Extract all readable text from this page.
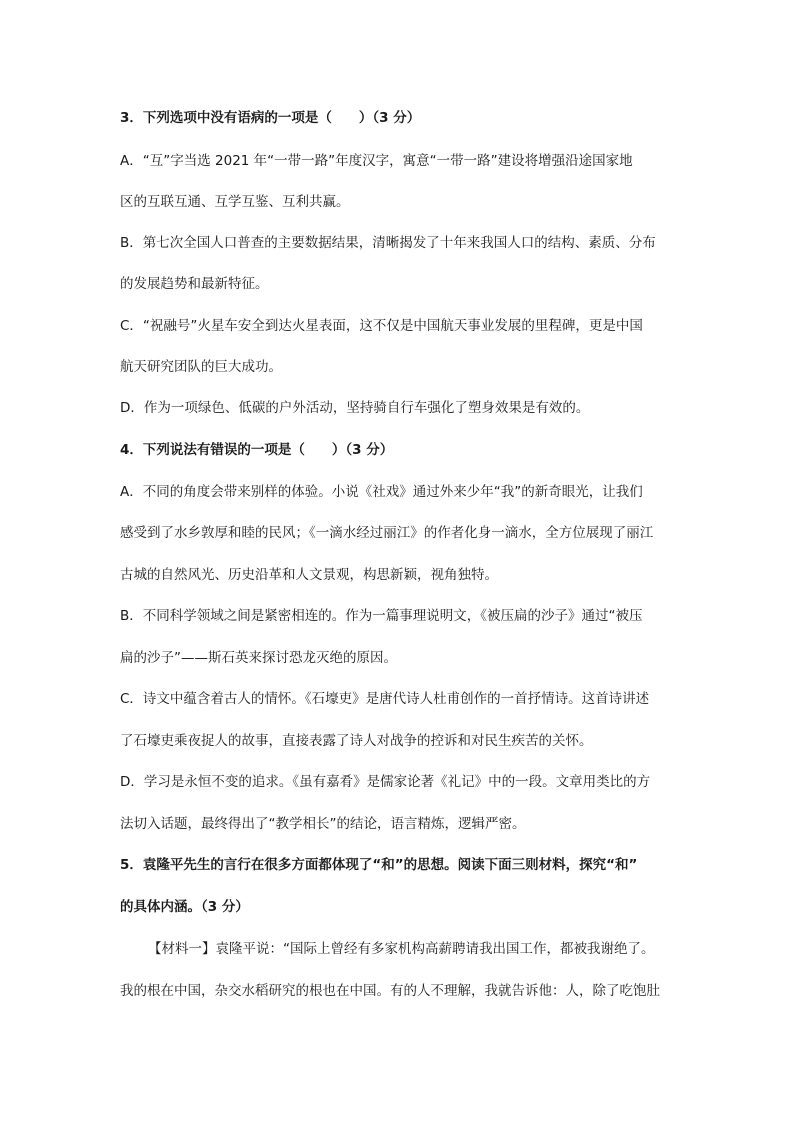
3．下列选项中没有语病的一项是（　　）（3 分）
A．“互”字当选 2021 年“一带一路”年度汉字，寓意“一带一路”建设将增强沿途国家地
区的互联互通、互学互鉴、互利共赢。
B．第七次全国人口普查的主要数据结果，清晰揭发了十年来我国人口的结构、素质、分布
的发展趋势和最新特征。
C．“祝融号”火星车安全到达火星表面，这不仅是中国航天事业发展的里程碑，更是中国
航天研究团队的巨大成功。
D．作为一项绿色、低碳的户外活动，坚持骑自行车强化了塑身效果是有效的。
4．下列说法有错误的一项是（　　）（3 分）
A．不同的角度会带来别样的体验。小说《社戏》通过外来少年“我”的新奇眼光，让我们
感受到了水乡敦厚和睦的民风；《一滴水经过丽江》的作者化身一滴水，全方位展现了丽江
古城的自然风光、历史沿革和人文景观，构思新颖，视角独特。
B．不同科学领域之间是紧密相连的。作为一篇事理说明文，《被压扁的沙子》通过“被压
扁的沙子”——斯石英来探讨恐龙灭绝的原因。
C．诗文中蕴含着古人的情怀。《石壕吏》是唐代诗人杜甫创作的一首抒情诗。这首诗讲述
了石壕吏乘夜捉人的故事，直接表露了诗人对战争的控诉和对民生疾苦的关怀。
D．学习是永恒不变的追求。《虽有嘉肴》是儒家论著《礼记》中的一段。文章用类比的方
法切入话题，最终得出了“教学相长”的结论，语言精炼，逻辑严密。
5．袁隆平先生的言行在很多方面都体现了“和”的思想。阅读下面三则材料，探究“和”
的具体内涵。（3 分）
【材料一】袁隆平说：“国际上曾经有多家机构高薪聘请我出国工作，都被我谢绝了。
我的根在中国，杂交水稻研究的根也在中国。有的人不理解，我就告诉他：人，除了吃饱肚
